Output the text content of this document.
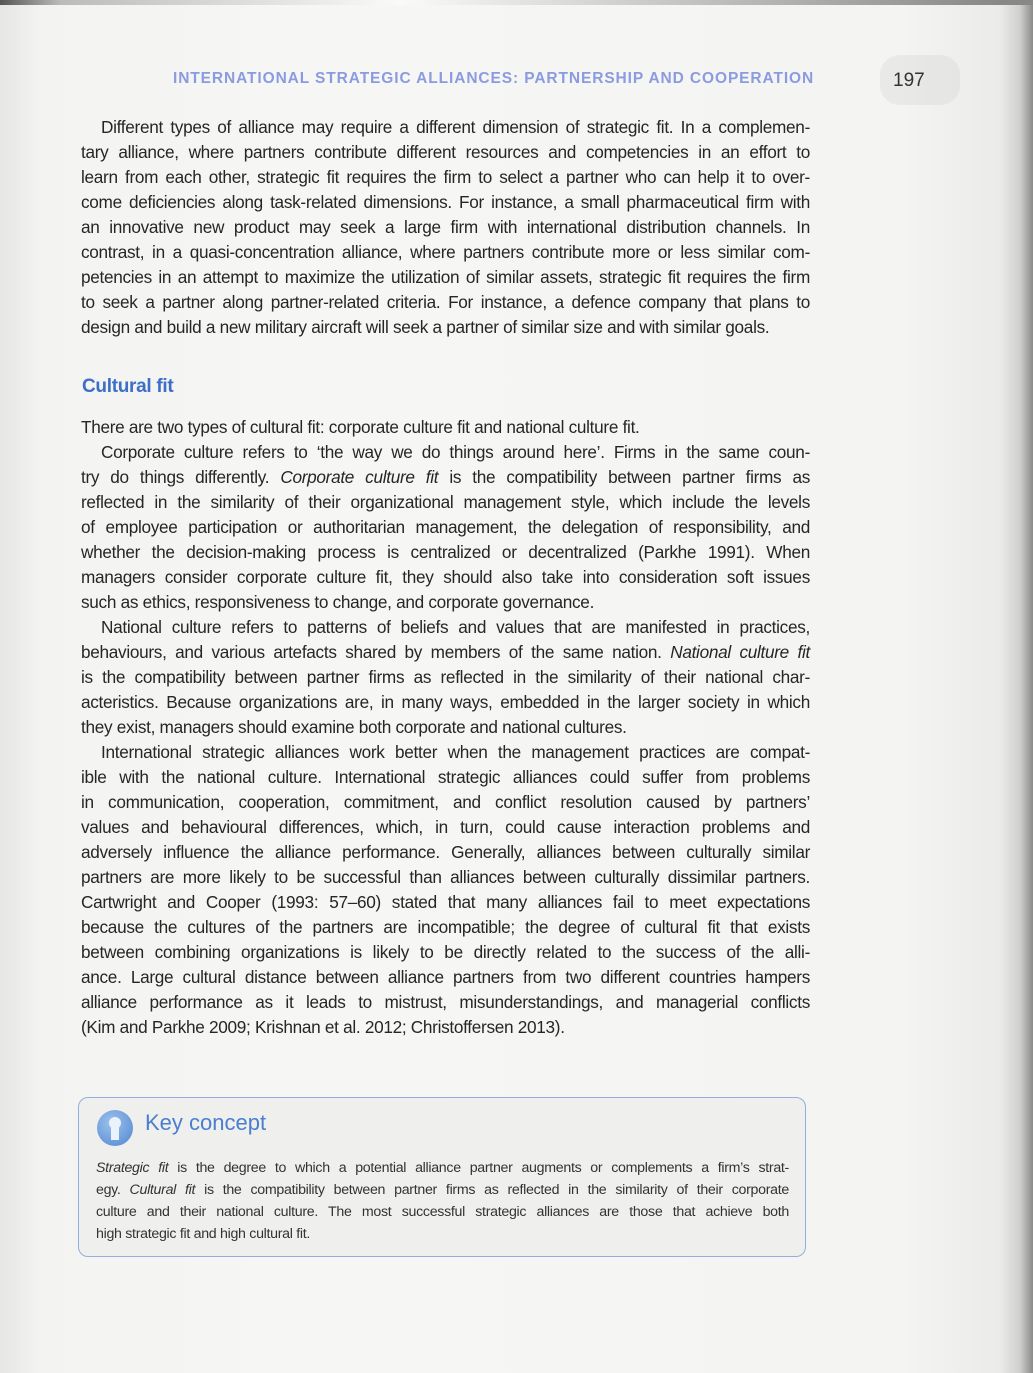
INTERNATIONAL STRATEGIC ALLIANCES: PARTNERSHIP AND COOPERATION	197
Different types of alliance may require a different dimension of strategic fit. In a complemen-
tary alliance, where partners contribute different resources and competencies in an effort to
learn from each other, strategic fit requires the firm to select a partner who can help it to over-
come deficiencies along task-related dimensions. For instance, a small pharmaceutical firm with
an innovative new product may seek a large firm with international distribution channels. In
contrast, in a quasi-concentration alliance, where partners contribute more or less similar com-
petencies in an attempt to maximize the utilization of similar assets, strategic fit requires the firm
to seek a partner along partner-related criteria. For instance, a defence company that plans to
design and build a new military aircraft will seek a partner of similar size and with similar goals.
Cultural fit
There are two types of cultural fit: corporate culture fit and national culture fit.
Corporate culture refers to ‘the way we do things around here’. Firms in the same coun-
try do things differently. Corporate culture fit is the compatibility between partner firms as
reflected in the similarity of their organizational management style, which include the levels
of employee participation or authoritarian management, the delegation of responsibility, and
whether the decision-making process is centralized or decentralized (Parkhe 1991). When
managers consider corporate culture fit, they should also take into consideration soft issues
such as ethics, responsiveness to change, and corporate governance.
National culture refers to patterns of beliefs and values that are manifested in practices,
behaviours, and various artefacts shared by members of the same nation. National culture fit
is the compatibility between partner firms as reflected in the similarity of their national char-
acteristics. Because organizations are, in many ways, embedded in the larger society in which
they exist, managers should examine both corporate and national cultures.
International strategic alliances work better when the management practices are compat-
ible with the national culture. International strategic alliances could suffer from problems
in communication, cooperation, commitment, and conflict resolution caused by partners’
values and behavioural differences, which, in turn, could cause interaction problems and
adversely influence the alliance performance. Generally, alliances between culturally similar
partners are more likely to be successful than alliances between culturally dissimilar partners.
Cartwright and Cooper (1993: 57–60) stated that many alliances fail to meet expectations
because the cultures of the partners are incompatible; the degree of cultural fit that exists
between combining organizations is likely to be directly related to the success of the alli-
ance. Large cultural distance between alliance partners from two different countries hampers
alliance performance as it leads to mistrust, misunderstandings, and managerial conflicts
(Kim and Parkhe 2009; Krishnan et al. 2012; Christoffersen 2013).
Key concept
Strategic fit is the degree to which a potential alliance partner augments or complements a firm’s strat-
egy. Cultural fit is the compatibility between partner firms as reflected in the similarity of their corporate
culture and their national culture. The most successful strategic alliances are those that achieve both
high strategic fit and high cultural fit.
